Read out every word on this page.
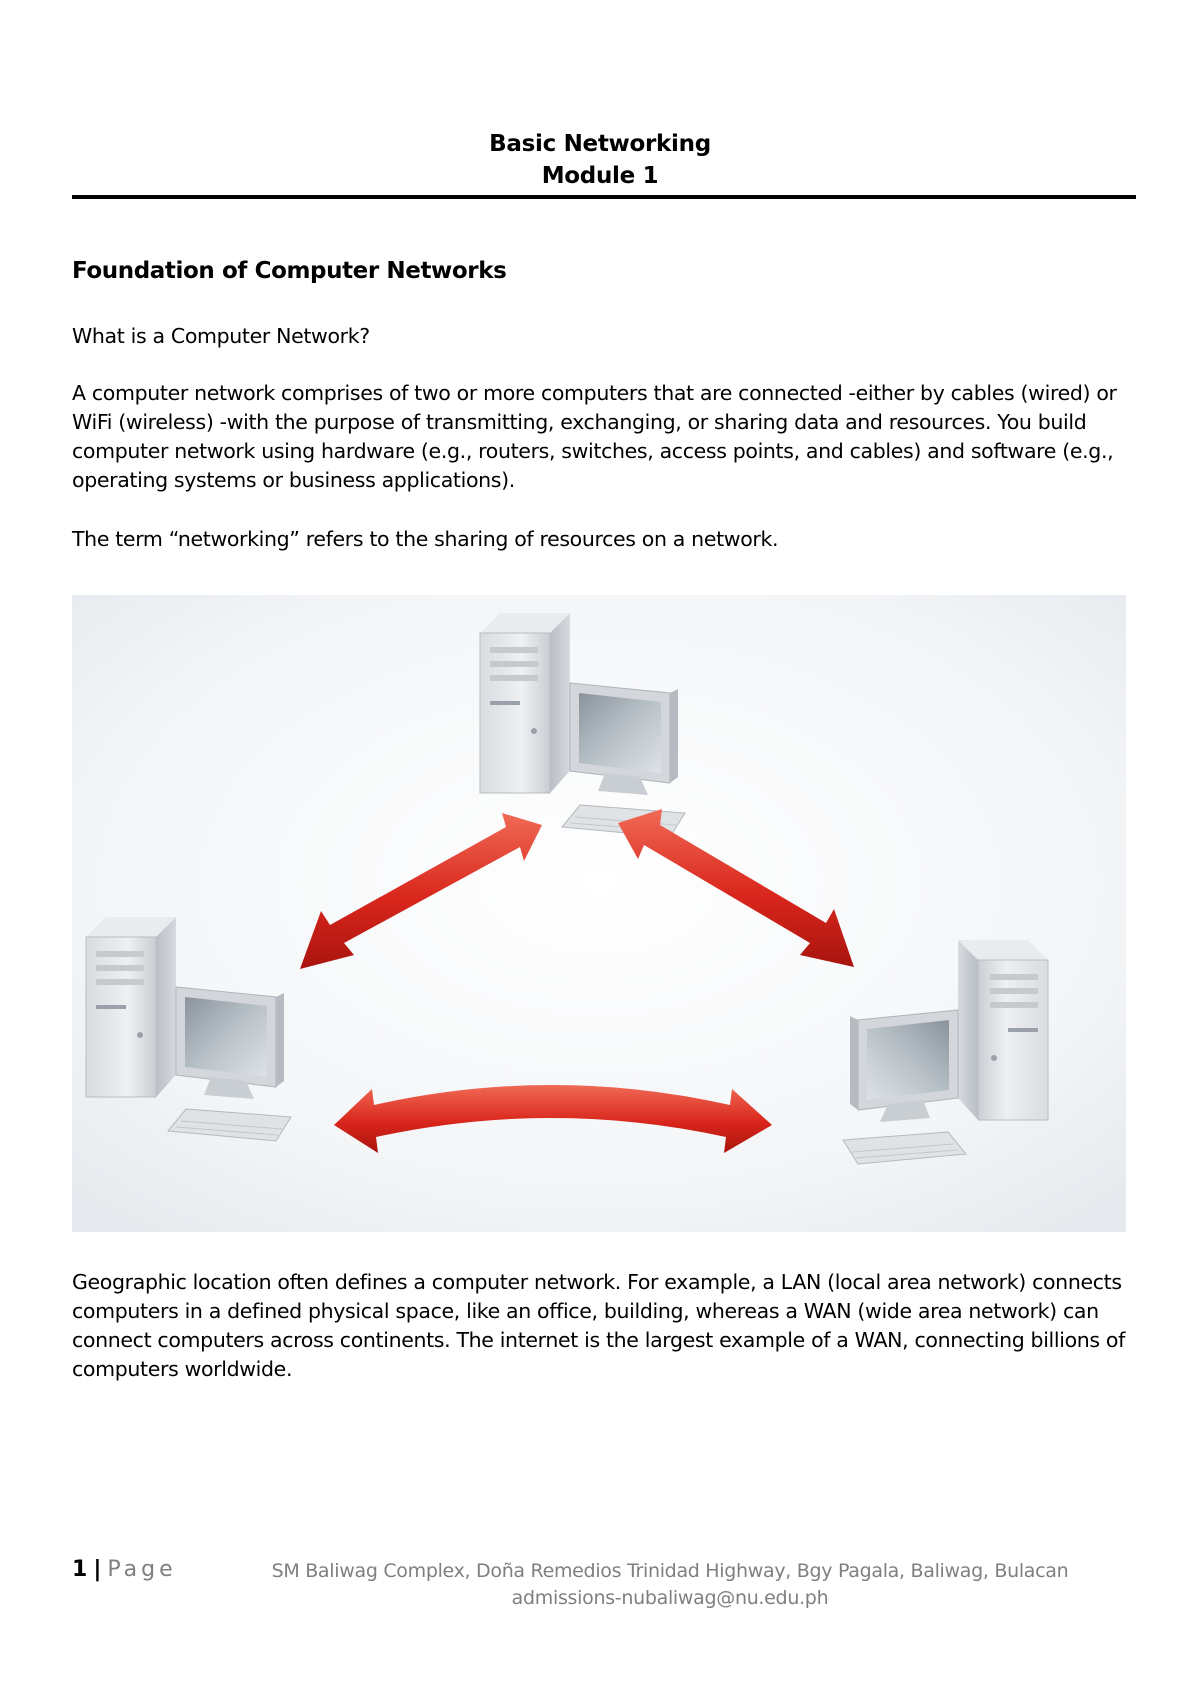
Basic Networking
Module 1
Foundation of Computer Networks
What is a Computer Network?
A computer network comprises of two or more computers that are connected -either by cables (wired) or WiFi (wireless) -with the purpose of transmitting, exchanging, or sharing data and resources. You build computer network using hardware (e.g., routers, switches, access points, and cables) and software (e.g., operating systems or business applications).
The term “networking” refers to the sharing of resources on a network.
Geographic location often defines a computer network. For example, a LAN (local area network) connects computers in a defined physical space, like an office, building, whereas a WAN (wide area network) can connect computers across continents. The internet is the largest example of a WAN, connecting billions of computers worldwide.
1 | Page	SM Baliwag Complex, Doña Remedios Trinidad Highway, Bgy Pagala, Baliwag, Bulacan
admissions-nubaliwag@nu.edu.ph
